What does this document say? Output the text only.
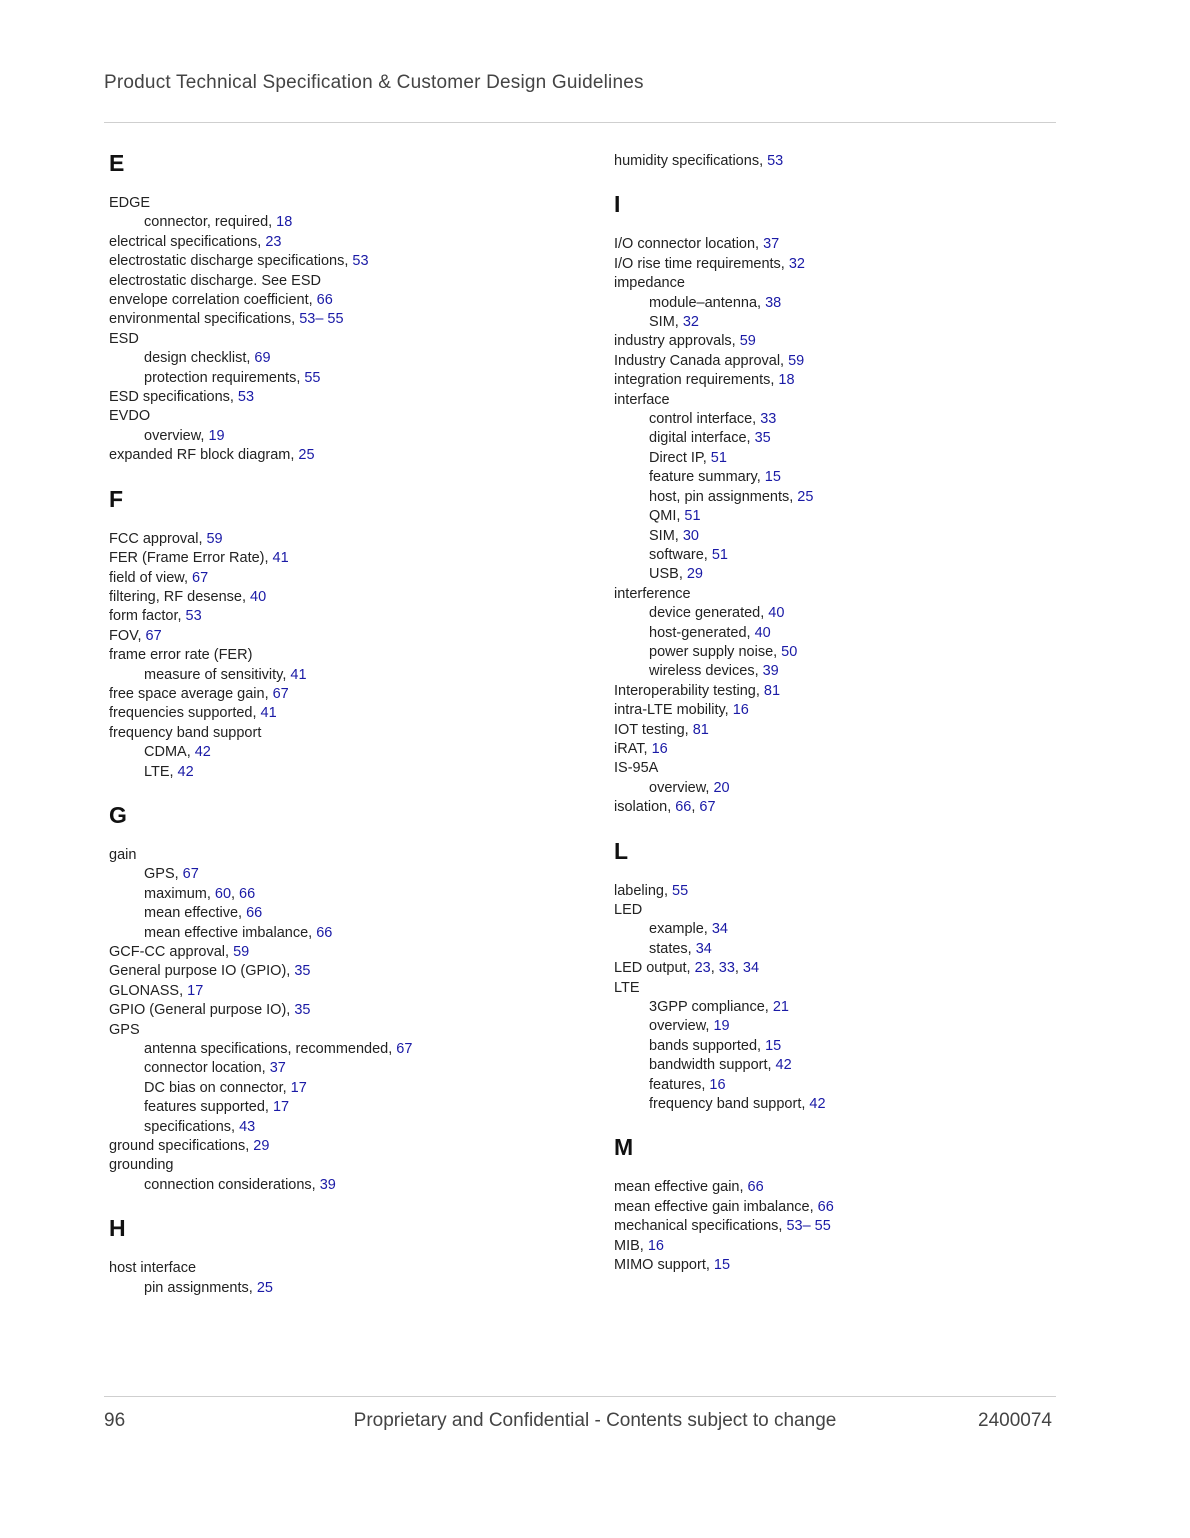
Product Technical Specification & Customer Design Guidelines
E
EDGE
connector, required, 18
electrical specifications, 23
electrostatic discharge specifications, 53
electrostatic discharge. See ESD
envelope correlation coefficient, 66
environmental specifications, 53– 55
ESD
design checklist, 69
protection requirements, 55
ESD specifications, 53
EVDO
overview, 19
expanded RF block diagram, 25
F
FCC approval, 59
FER (Frame Error Rate), 41
field of view, 67
filtering, RF desense, 40
form factor, 53
FOV, 67
frame error rate (FER)
measure of sensitivity, 41
free space average gain, 67
frequencies supported, 41
frequency band support
CDMA, 42
LTE, 42
G
gain
GPS, 67
maximum, 60, 66
mean effective, 66
mean effective imbalance, 66
GCF-CC approval, 59
General purpose IO (GPIO), 35
GLONASS, 17
GPIO (General purpose IO), 35
GPS
antenna specifications, recommended, 67
connector location, 37
DC bias on connector, 17
features supported, 17
specifications, 43
ground specifications, 29
grounding
connection considerations, 39
H
host interface
pin assignments, 25
humidity specifications, 53
I
I/O connector location, 37
I/O rise time requirements, 32
impedance
module–antenna, 38
SIM, 32
industry approvals, 59
Industry Canada approval, 59
integration requirements, 18
interface
control interface, 33
digital interface, 35
Direct IP, 51
feature summary, 15
host, pin assignments, 25
QMI, 51
SIM, 30
software, 51
USB, 29
interference
device generated, 40
host-generated, 40
power supply noise, 50
wireless devices, 39
Interoperability testing, 81
intra-LTE mobility, 16
IOT testing, 81
iRAT, 16
IS-95A
overview, 20
isolation, 66, 67
L
labeling, 55
LED
example, 34
states, 34
LED output, 23, 33, 34
LTE
3GPP compliance, 21
overview, 19
bands supported, 15
bandwidth support, 42
features, 16
frequency band support, 42
M
mean effective gain, 66
mean effective gain imbalance, 66
mechanical specifications, 53– 55
MIB, 16
MIMO support, 15
96	Proprietary and Confidential - Contents subject to change	2400074
